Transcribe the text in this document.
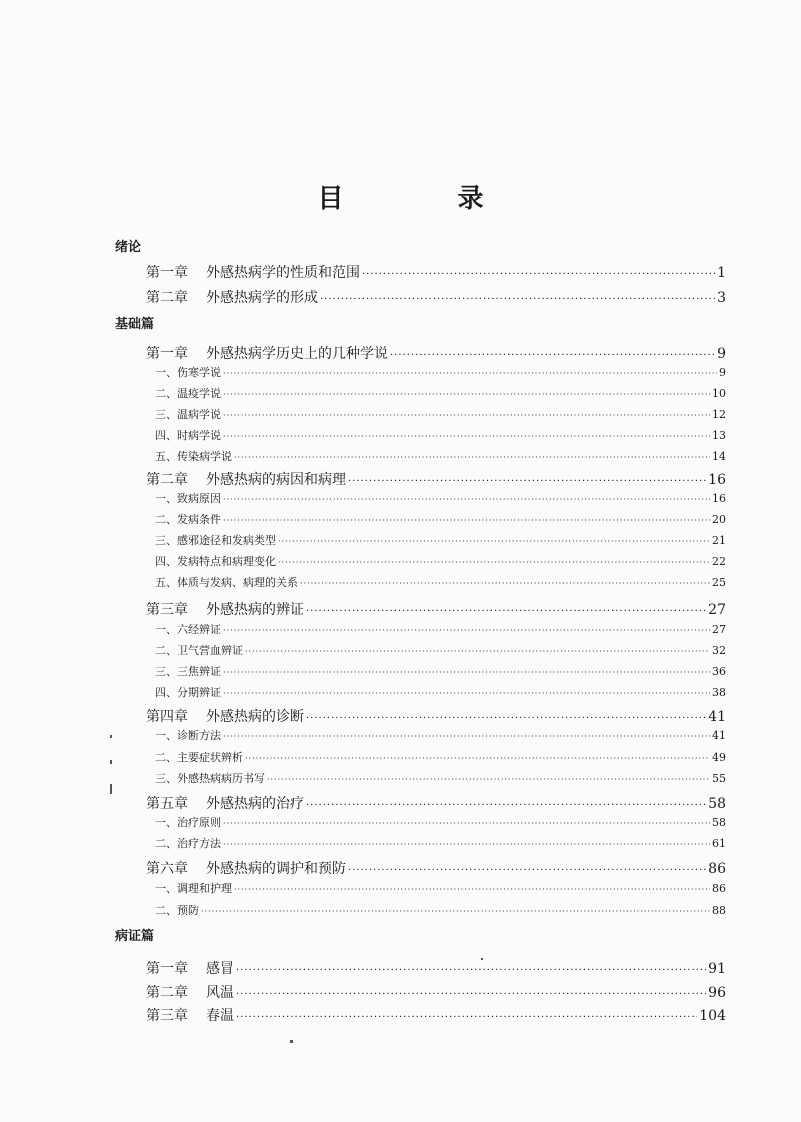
目　录
绪论
第一章 外感热病学的性质和范围 ·····	1
第二章 外感热病学的形成 ·····	3
基础篇
第一章 外感热病学历史上的几种学说 ·····	9
一、伤寒学说 ·····	9
二、温疫学说 ·····	10
三、温病学说 ·····	12
四、时病学说 ·····	13
五、传染病学说 ·····	14
第二章 外感热病的病因和病理 ·····	16
一、致病原因 ·····	16
二、发病条件 ·····	20
三、感邪途径和发病类型 ·····	21
四、发病特点和病理变化 ·····	22
五、体质与发病、病理的关系 ·····	25
第三章 外感热病的辨证 ·····	27
一、六经辨证 ·····	27
二、卫气营血辨证 ·····	32
三、三焦辨证 ·····	36
四、分期辨证 ·····	38
第四章 外感热病的诊断 ·····	41
一、诊断方法 ·····	41
二、主要症状辨析 ·····	49
三、外感热病病历书写 ·····	55
第五章 外感热病的治疗 ·····	58
一、治疗原则 ·····	58
二、治疗方法 ·····	61
第六章 外感热病的调护和预防 ·····	86
一、调理和护理 ·····	86
二、预防 ·····	88
病证篇
第一章 感冒 ·····	91
第二章 风温 ·····	96
第三章 春温 ·····	104
